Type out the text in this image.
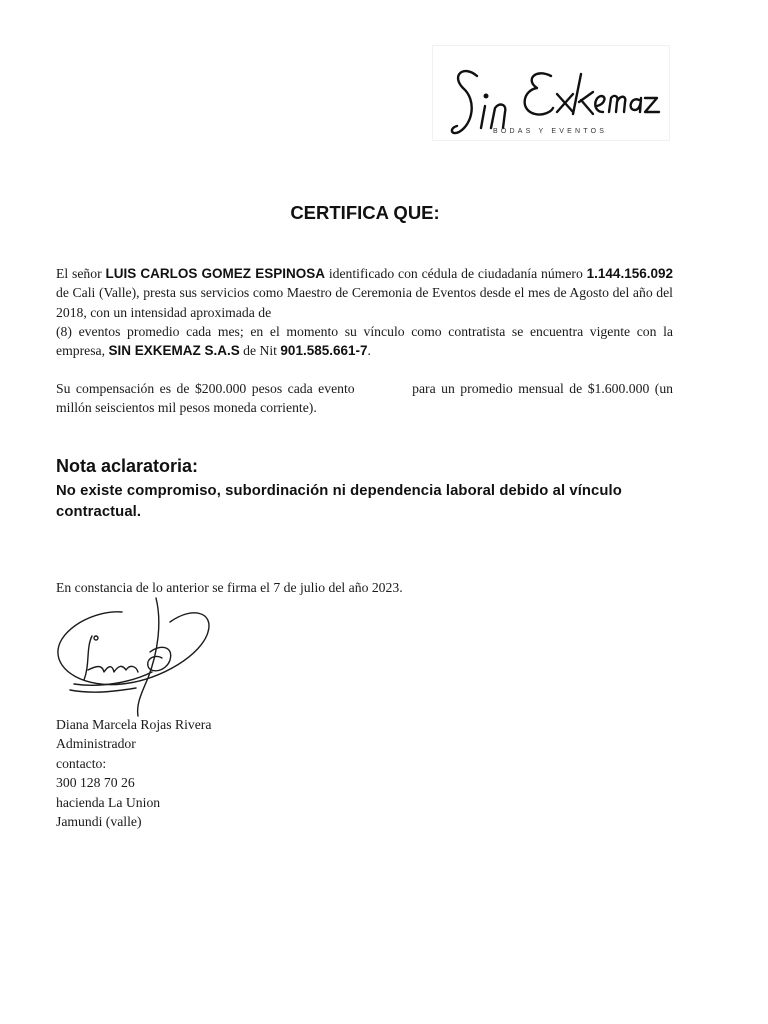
BODAS Y EVENTOS
CERTIFICA QUE:
El señor LUIS CARLOS GOMEZ ESPINOSA identificado con cédula de ciudadanía número 1.144.156.092 de Cali (Valle), presta sus servicios como Maestro de Ceremonia de Eventos desde el mes de Agosto del año del 2018, con un intensidad aproximada de
(8) eventos promedio cada mes; en el momento su vínculo como contratista se encuentra vigente con la empresa, SIN EXKEMAZ S.A.S de Nit 901.585.661-7.
Su compensación es de $200.000 pesos cada evento	para un promedio mensual de $1.600.000 (un millón seiscientos mil pesos moneda corriente).
Nota aclaratoria:
No existe compromiso, subordinación ni dependencia laboral debido al vínculo contractual.
En constancia de lo anterior se firma el 7 de julio del año 2023.
Diana Marcela Rojas Rivera
Administrador
contacto:
300 128 70 26
hacienda La Union
Jamundi (valle)
